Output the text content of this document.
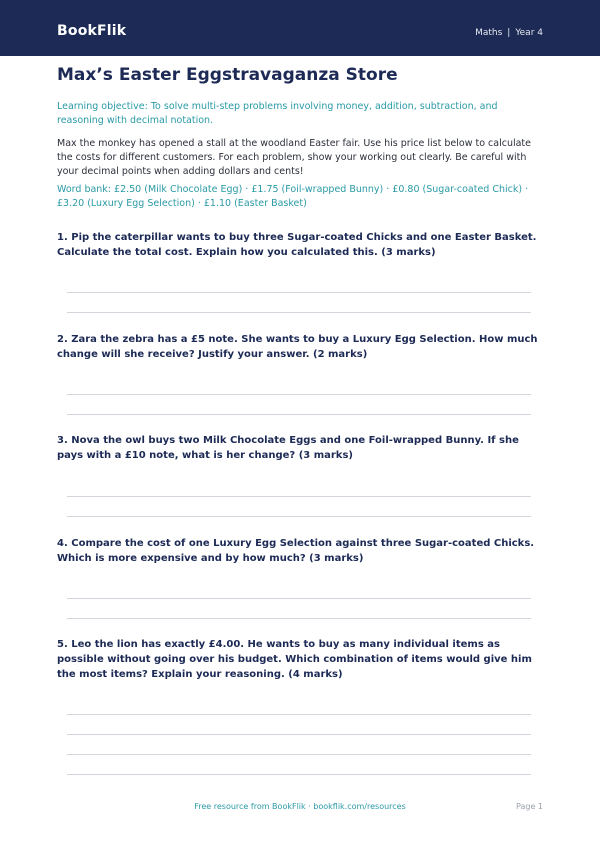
BookFlik	Maths | Year 4
Max’s Easter Eggstravaganza Store

Learning objective: To solve multi-step problems involving money, addition, subtraction, and reasoning with decimal notation.

Max the monkey has opened a stall at the woodland Easter fair. Use his price list below to calculate the costs for different customers. For each problem, show your working out clearly. Be careful with your decimal points when adding dollars and cents!

Word bank: £2.50 (Milk Chocolate Egg) · £1.75 (Foil-wrapped Bunny) · £0.80 (Sugar-coated Chick) · £3.20 (Luxury Egg Selection) · £1.10 (Easter Basket)

1. Pip the caterpillar wants to buy three Sugar-coated Chicks and one Easter Basket. Calculate the total cost. Explain how you calculated this. (3 marks)

2. Zara the zebra has a £5 note. She wants to buy a Luxury Egg Selection. How much change will she receive? Justify your answer. (2 marks)

3. Nova the owl buys two Milk Chocolate Eggs and one Foil-wrapped Bunny. If she pays with a £10 note, what is her change? (3 marks)

4. Compare the cost of one Luxury Egg Selection against three Sugar-coated Chicks. Which is more expensive and by how much? (3 marks)

5. Leo the lion has exactly £4.00. He wants to buy as many individual items as possible without going over his budget. Which combination of items would give him the most items? Explain your reasoning. (4 marks)

Free resource from BookFlik · bookflik.com/resources	Page 1
